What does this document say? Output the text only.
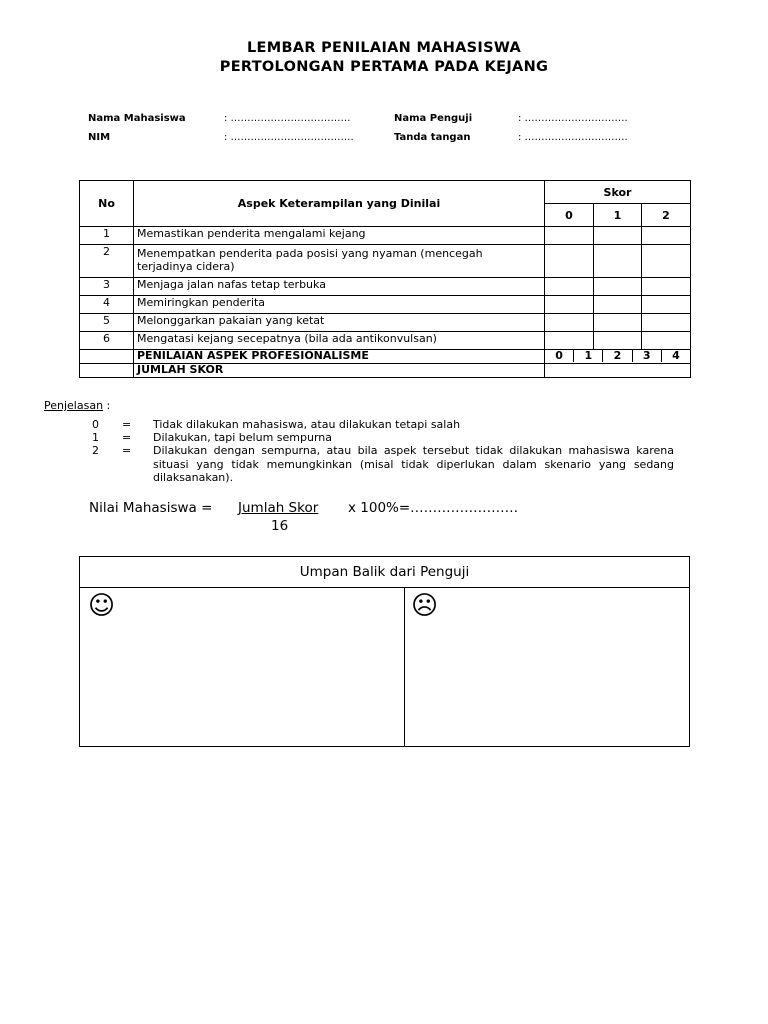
LEMBAR PENILAIAN MAHASISWA
PERTOLONGAN PERTAMA PADA KEJANG
Nama Mahasiswa	: ………………………………
NIM	: ……………………………….
Nama Penguji	: ………………………….
Tanda tangan	: ………………………….
No	Aspek Keterampilan yang Dinilai	Skor		
		0	1	2
1	Memastikan penderita mengalami kejang			
2	Menempatkan penderita pada posisi yang nyaman (mencegah terjadinya cidera)			
3	Menjaga jalan nafas tetap terbuka			
4	Memiringkan penderita			
5	Melonggarkan pakaian yang ketat			
6	Mengatasi kejang secepatnya (bila ada antikonvulsan)			
	PENILAIAN ASPEK PROFESIONALISME	0 1 2 3 4		

	JUMLAH SKOR			
Penjelasan :
0 = Tidak dilakukan mahasiswa, atau dilakukan tetapi salah
1 = Dilakukan, tapi belum sempurna
2 = Dilakukan dengan sempurna, atau bila aspek tersebut tidak dilakukan mahasiswa karena situasi yang tidak memungkinkan (misal tidak diperlukan dalam skenario yang sedang dilaksanakan).
Nilai Mahasiswa = Jumlah Skor
16
x 100%=……………………
Umpan Balik dari Penguji
☺	☹
